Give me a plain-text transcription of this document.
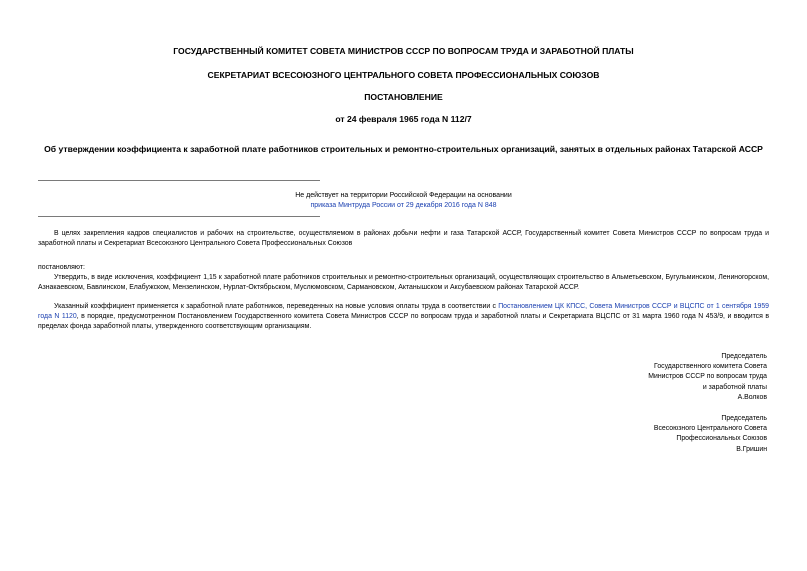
ГОСУДАРСТВЕННЫЙ КОМИТЕТ СОВЕТА МИНИСТРОВ СССР ПО ВОПРОСАМ ТРУДА И ЗАРАБОТНОЙ ПЛАТЫ

СЕКРЕТАРИАТ ВСЕСОЮЗНОГО ЦЕНТРАЛЬНОГО СОВЕТА ПРОФЕССИОНАЛЬНЫХ СОЮЗОВ

ПОСТАНОВЛЕНИЕ

от 24 февраля 1965 года N 112/7

Об утверждении коэффициента к заработной плате работников строительных и ремонтно-строительных организаций, занятых в отдельных районах Татарской АССР

Не действует на территории Российской Федерации на основании
приказа Минтруда России от 29 декабря 2016 года N 848

В целях закрепления кадров специалистов и рабочих на строительстве, осуществляемом в районах добычи нефти и газа Татарской АССР, Государственный комитет Совета Министров СССР по вопросам труда и заработной платы и Секретариат Всесоюзного Центрального Совета Профессиональных Союзов

постановляют:

Утвердить, в виде исключения, коэффициент 1,15 к заработной плате работников строительных и ремонтно-строительных организаций, осуществляющих строительство в Альметьевском, Бугульминском, Лениногорском, Азнакаевском, Бавлинском, Елабужском, Мензелинском, Нурлат-Октябрьском, Муслюмовском, Сармановском, Актанышском и Аксубаевском районах Татарской АССР.

Указанный коэффициент применяется к заработной плате работников, переведенных на новые условия оплаты труда в соответствии с Постановлением ЦК КПСС, Совета Министров СССР и ВЦСПС от 1 сентября 1959 года N 1120, в порядке, предусмотренном Постановлением Государственного комитета Совета Министров СССР по вопросам труда и заработной платы и Секретариата ВЦСПС от 31 марта 1960 года N 453/9, и вводится в пределах фонда заработной платы, утвержденного соответствующим организациям.

Председатель
Государственного комитета Совета
Министров СССР по вопросам труда
и заработной платы
А.Волков
Председатель
Всесоюзного Центрального Совета
Профессиональных Союзов
В.Гришин
